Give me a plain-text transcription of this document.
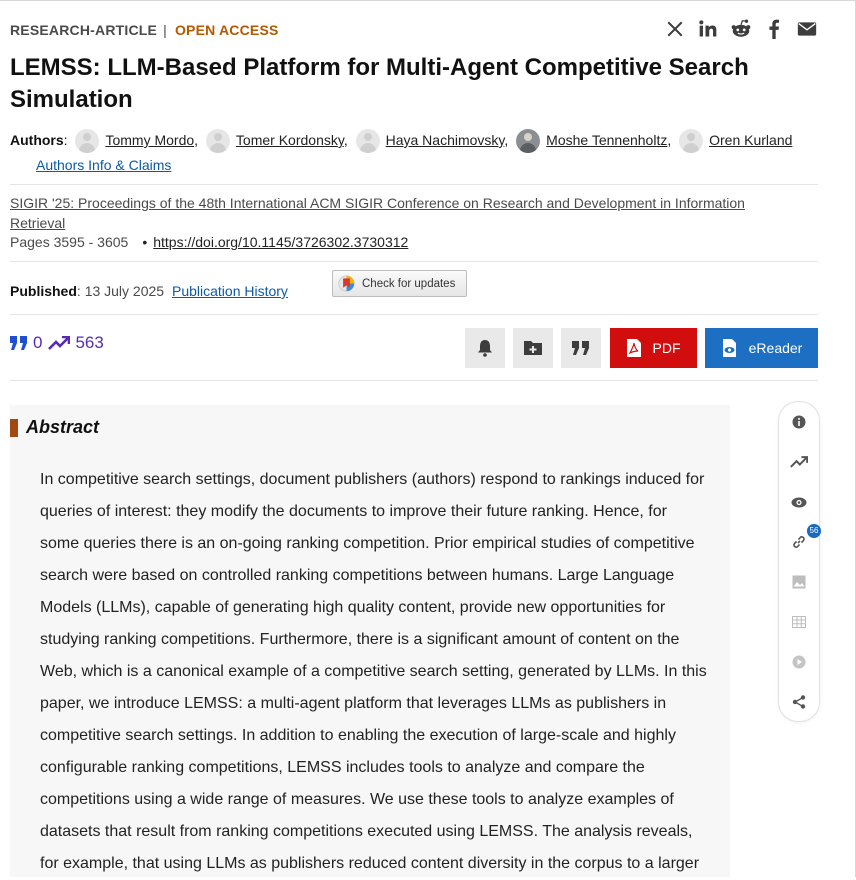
RESEARCH-ARTICLE | OPEN ACCESS
LEMSS: LLM-Based Platform for Multi-Agent Competitive Search Simulation
Authors: Tommy Mordo,	Tomer Kordonsky,	Haya Nachimovsky,	Moshe Tennenholtz,	Oren Kurland Authors Info & Claims
SIGIR '25: Proceedings of the 48th International ACM SIGIR Conference on Research and Development in Information Retrieval
Pages 3595 - 3605 • https://doi.org/10.1145/3726302.3730312
Published: 13 July 2025 Publication History	Check for updates
0 563	PDF	eReader
Abstract

In competitive search settings, document publishers (authors) respond to rankings induced for queries of interest: they modify the documents to improve their future ranking. Hence, for some queries there is an on-going ranking competition. Prior empirical studies of competitive search were based on controlled ranking competitions between humans. Large Language Models (LLMs), capable of generating high quality content, provide new opportunities for studying ranking competitions. Furthermore, there is a significant amount of content on the Web, which is a canonical example of a competitive search setting, generated by LLMs. In this paper, we introduce LEMSS: a multi-agent platform that leverages LLMs as publishers in competitive search settings. In addition to enabling the execution of large-scale and highly configurable ranking competitions, LEMSS includes tools to analyze and compare the competitions using a wide range of measures. We use these tools to analyze examples of datasets that result from ranking competitions executed using LEMSS. The analysis reveals, for example, that using LLMs as publishers reduced content diversity in the corpus to a larger

56
